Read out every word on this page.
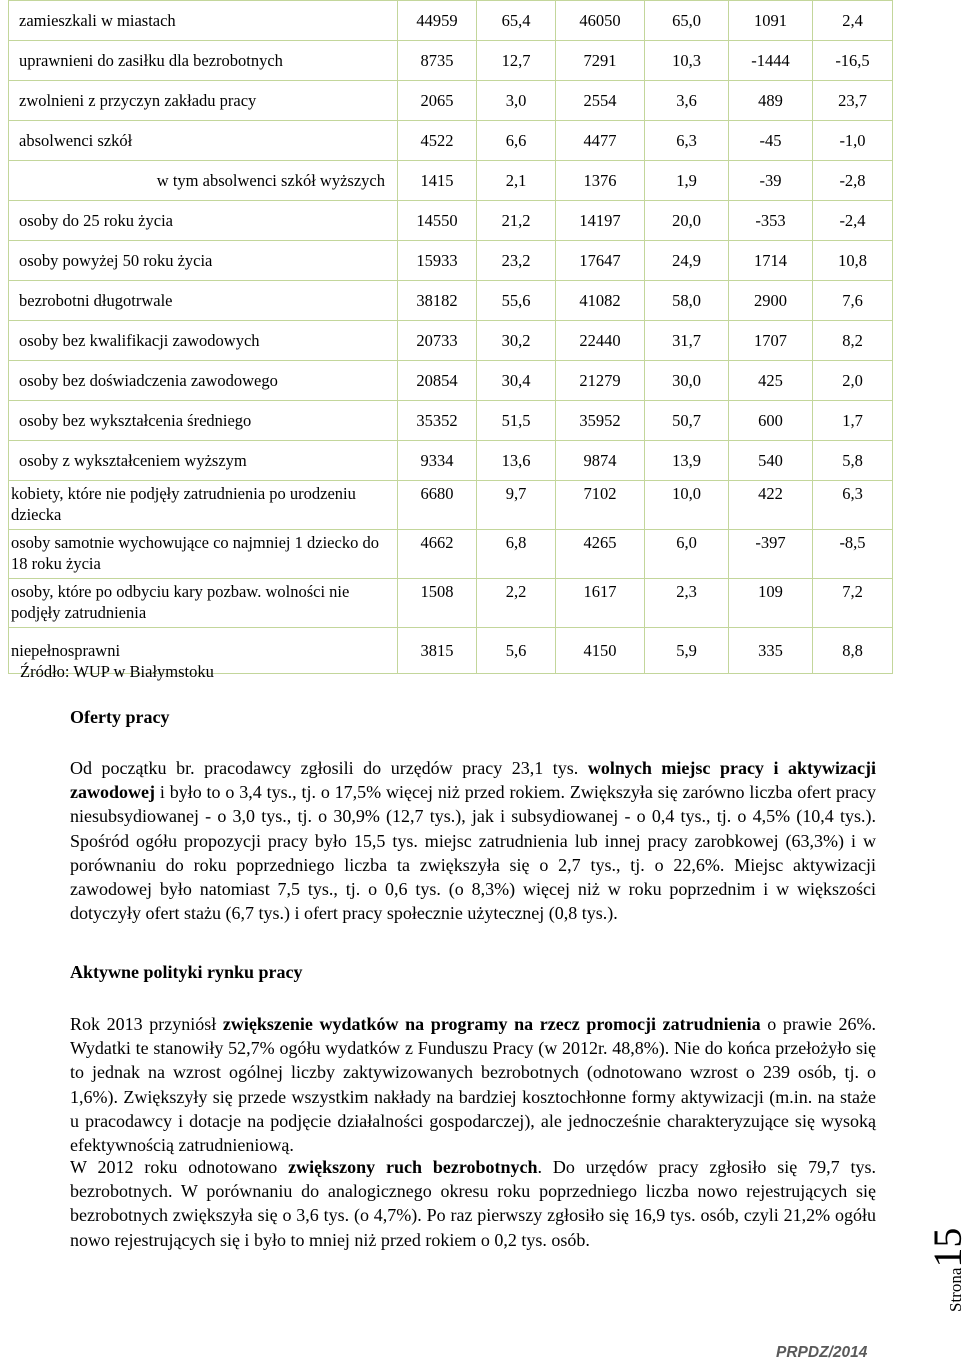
zamieszkali w miastach	44959	65,4	46050	65,0	1091	2,4
uprawnieni do zasiłku dla bezrobotnych	8735	12,7	7291	10,3	-1444	-16,5
zwolnieni z przyczyn zakładu pracy	2065	3,0	2554	3,6	489	23,7
absolwenci szkół	4522	6,6	4477	6,3	-45	-1,0
w tym absolwenci szkół wyższych	1415	2,1	1376	1,9	-39	-2,8
osoby do 25 roku życia	14550	21,2	14197	20,0	-353	-2,4
osoby powyżej 50 roku życia	15933	23,2	17647	24,9	1714	10,8
bezrobotni długotrwale	38182	55,6	41082	58,0	2900	7,6
osoby bez kwalifikacji zawodowych	20733	30,2	22440	31,7	1707	8,2
osoby bez doświadczenia zawodowego	20854	30,4	21279	30,0	425	2,0
osoby bez wykształcenia średniego	35352	51,5	35952	50,7	600	1,7
osoby z wykształceniem wyższym	9334	13,6	9874	13,9	540	5,8
kobiety, które nie podjęły zatrudnienia po urodzeniu dziecka	6680	9,7	7102	10,0	422	6,3
osoby samotnie wychowujące co najmniej 1 dziecko do 18 roku życia	4662	6,8	4265	6,0	-397	-8,5
osoby, które po odbyciu kary pozbaw. wolności nie podjęły zatrudnienia	1508	2,2	1617	2,3	109	7,2
niepełnosprawni	3815	5,6	4150	5,9	335	8,8
Źródło: WUP w Białymstoku
Oferty pracy

Od początku br. pracodawcy zgłosili do urzędów pracy 23,1 tys. wolnych miejsc pracy i aktywizacji zawodowej i było to o 3,4 tys., tj. o 17,5% więcej niż przed rokiem. Zwiększyła się zarówno liczba ofert pracy niesubsydiowanej - o 3,0 tys., tj. o 30,9% (12,7 tys.), jak i subsydiowanej - o 0,4 tys., tj. o 4,5% (10,4 tys.). Spośród ogółu propozycji pracy było 15,5 tys. miejsc zatrudnienia lub innej pracy zarobkowej (63,3%) i w porównaniu do roku poprzedniego liczba ta zwiększyła się o 2,7 tys., tj. o 22,6%. Miejsc aktywizacji zawodowej było natomiast 7,5 tys., tj. o 0,6 tys. (o 8,3%) więcej niż w roku poprzednim i w większości dotyczyły ofert stażu (6,7 tys.) i ofert pracy społecznie użytecznej (0,8 tys.).

Aktywne polityki rynku pracy

Rok 2013 przyniósł zwiększenie wydatków na programy na rzecz promocji zatrudnienia o prawie 26%. Wydatki te stanowiły 52,7% ogółu wydatków z Funduszu Pracy (w 2012r. 48,8%). Nie do końca przełożyło się to jednak na wzrost ogólnej liczby zaktywizowanych bezrobotnych (odnotowano wzrost o 239 osób, tj. o 1,6%). Zwiększyły się przede wszystkim nakłady na bardziej kosztochłonne formy aktywizacji (m.in. na staże u pracodawcy i dotacje na podjęcie działalności gospodarczej), ale jednocześnie charakteryzujące się wysoką efektywnością zatrudnieniową.

W 2012 roku odnotowano zwiększony ruch bezrobotnych. Do urzędów pracy zgłosiło się 79,7 tys. bezrobotnych. W porównaniu do analogicznego okresu roku poprzedniego liczba nowo rejestrujących się bezrobotnych zwiększyła się o 3,6 tys. (o 4,7%). Po raz pierwszy zgłosiło się 16,9 tys. osób, czyli 21,2% ogółu nowo rejestrujących się i było to mniej niż przed rokiem o 0,2 tys. osób.

Strona15
PRPDZ/2014
